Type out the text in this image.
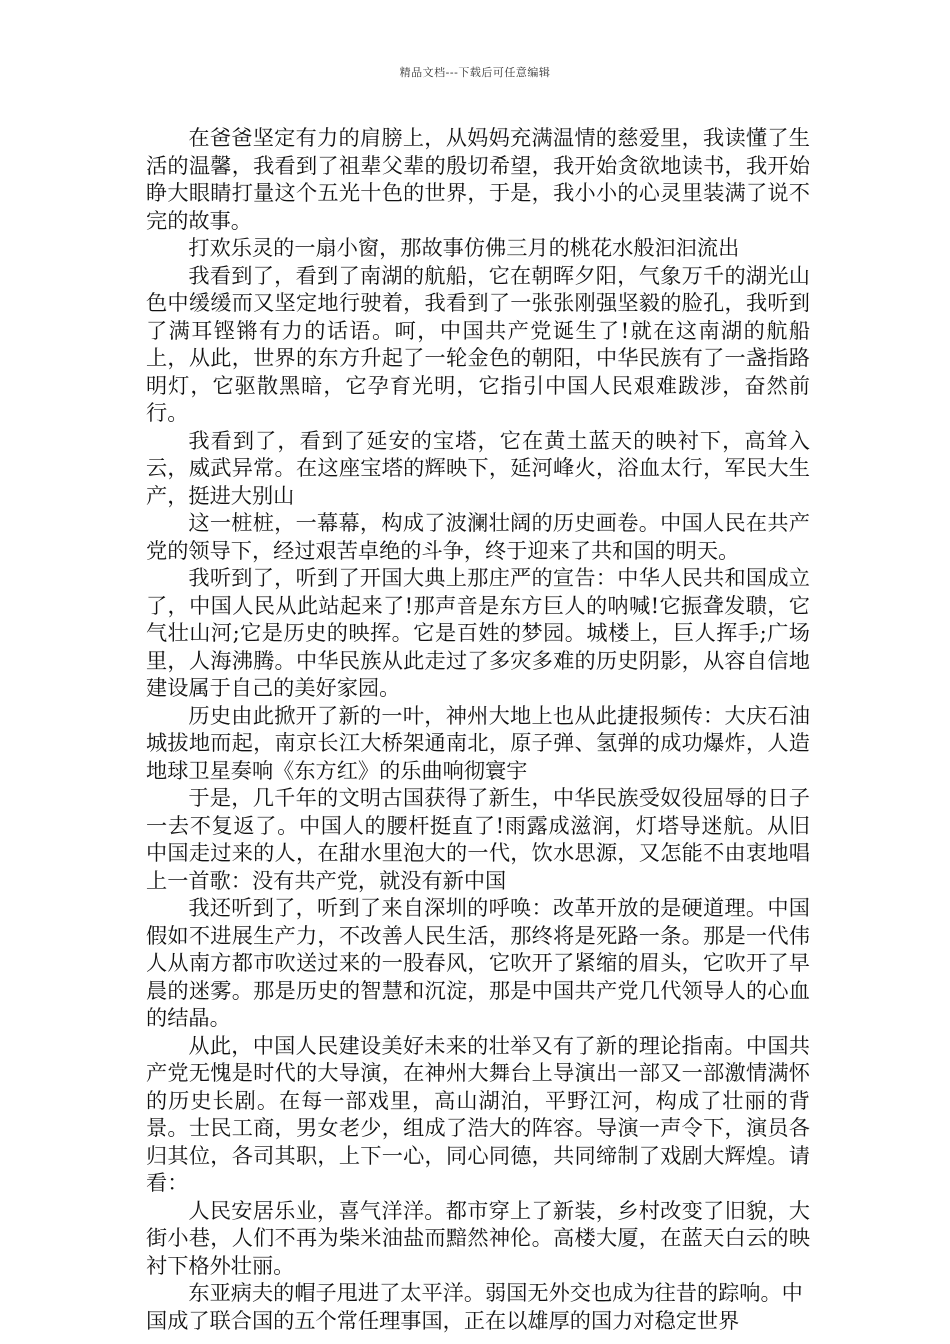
精品文档---下载后可任意编辑

在爸爸坚定有力的肩膀上，从妈妈充满温情的慈爱里，我读懂了生活的温馨，我看到了祖辈父辈的殷切希望，我开始贪欲地读书，我开始睁大眼睛打量这个五光十色的世界，于是，我小小的心灵里装满了说不完的故事。

打欢乐灵的一扇小窗，那故事仿佛三月的桃花水般汩汩流出

我看到了，看到了南湖的航船，它在朝晖夕阳，气象万千的湖光山色中缓缓而又坚定地行驶着，我看到了一张张刚强坚毅的脸孔，我听到了满耳铿锵有力的话语。呵，中国共产党诞生了!就在这南湖的航船上，从此，世界的东方升起了一轮金色的朝阳，中华民族有了一盏指路明灯，它驱散黑暗，它孕育光明，它指引中国人民艰难跋涉，奋然前行。

我看到了，看到了延安的宝塔，它在黄土蓝天的映衬下，高耸入云，威武异常。在这座宝塔的辉映下，延河峰火，浴血太行，军民大生产，挺进大别山

这一桩桩，一幕幕，构成了波澜壮阔的历史画卷。中国人民在共产党的领导下，经过艰苦卓绝的斗争，终于迎来了共和国的明天。

我听到了，听到了开国大典上那庄严的宣告：中华人民共和国成立了，中国人民从此站起来了!那声音是东方巨人的呐喊!它振聋发聩，它气壮山河;它是历史的映挥。它是百姓的梦园。城楼上，巨人挥手;广场里，人海沸腾。中华民族从此走过了多灾多难的历史阴影，从容自信地建设属于自己的美好家园。

历史由此掀开了新的一叶，神州大地上也从此捷报频传：大庆石油城拔地而起，南京长江大桥架通南北，原子弹、氢弹的成功爆炸，人造地球卫星奏响《东方红》的乐曲响彻寰宇

于是，几千年的文明古国获得了新生，中华民族受奴役屈辱的日子一去不复返了。中国人的腰杆挺直了!雨露成滋润，灯塔导迷航。从旧中国走过来的人，在甜水里泡大的一代，饮水思源，又怎能不由衷地唱上一首歌：没有共产党，就没有新中国

我还听到了，听到了来自深圳的呼唤：改革开放的是硬道理。中国假如不进展生产力，不改善人民生活，那终将是死路一条。那是一代伟人从南方都市吹送过来的一股春风，它吹开了紧缩的眉头，它吹开了早晨的迷雾。那是历史的智慧和沉淀，那是中国共产党几代领导人的心血的结晶。

从此，中国人民建设美好未来的壮举又有了新的理论指南。中国共产党无愧是时代的大导演，在神州大舞台上导演出一部又一部激情满怀的历史长剧。在每一部戏里，高山湖泊，平野江河，构成了壮丽的背景。士民工商，男女老少，组成了浩大的阵容。导演一声令下，演员各归其位，各司其职，上下一心，同心同德，共同缔制了戏剧大辉煌。请看：

人民安居乐业，喜气洋洋。都市穿上了新装，乡村改变了旧貌，大街小巷，人们不再为柴米油盐而黯然神伦。高楼大厦，在蓝天白云的映衬下格外壮丽。

东亚病夫的帽子甩进了太平洋。弱国无外交也成为往昔的踪响。中国成了联合国的五个常任理事国，正在以雄厚的国力对稳定世界
